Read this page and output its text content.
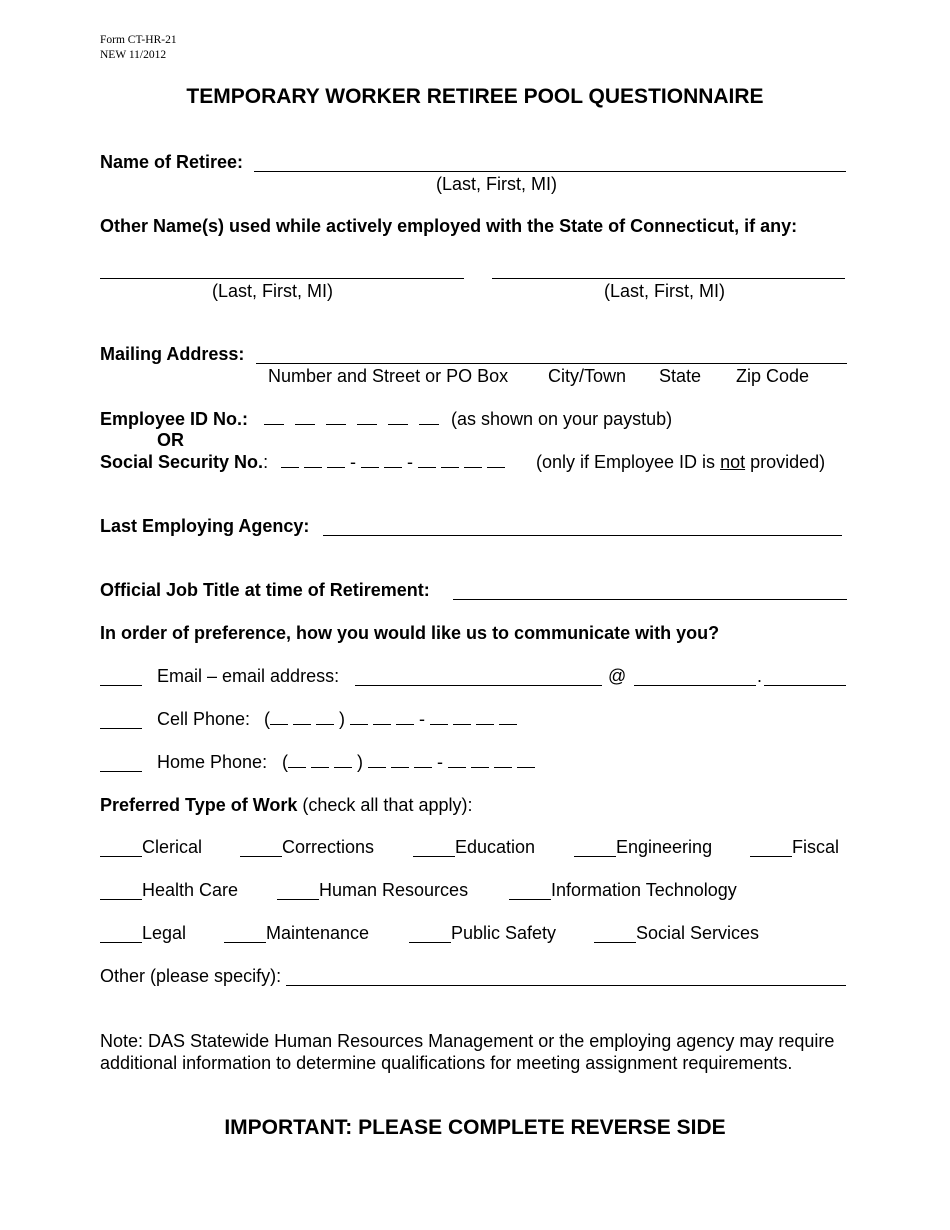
Form CT-HR-21
NEW 11/2012
TEMPORARY WORKER RETIREE POOL QUESTIONNAIRE
Name of Retiree:
(Last, First, MI)
Other Name(s) used while actively employed with the State of Connecticut, if any:
(Last, First, MI)	(Last, First, MI)
Mailing Address:
Number and Street or PO Box City/Town State Zip Code
Employee ID No.:	(as shown on your paystub)
OR
Social Security No.:	-	-	(only if Employee ID is not provided)
Last Employing Agency:
Official Job Title at time of Retirement:
In order of preference, how you would like us to communicate with you?
Email – email address:	@	.
Cell Phone: (	)	-
Home Phone: (	)	-
Preferred Type of Work (check all that apply):
Clerical	Corrections	Education	Engineering	Fiscal
Health Care	Human Resources	Information Technology
Legal	Maintenance	Public Safety	Social Services
Other (please specify):
Note: DAS Statewide Human Resources Management or the employing agency may require additional information to determine qualifications for meeting assignment requirements.
IMPORTANT: PLEASE COMPLETE REVERSE SIDE
